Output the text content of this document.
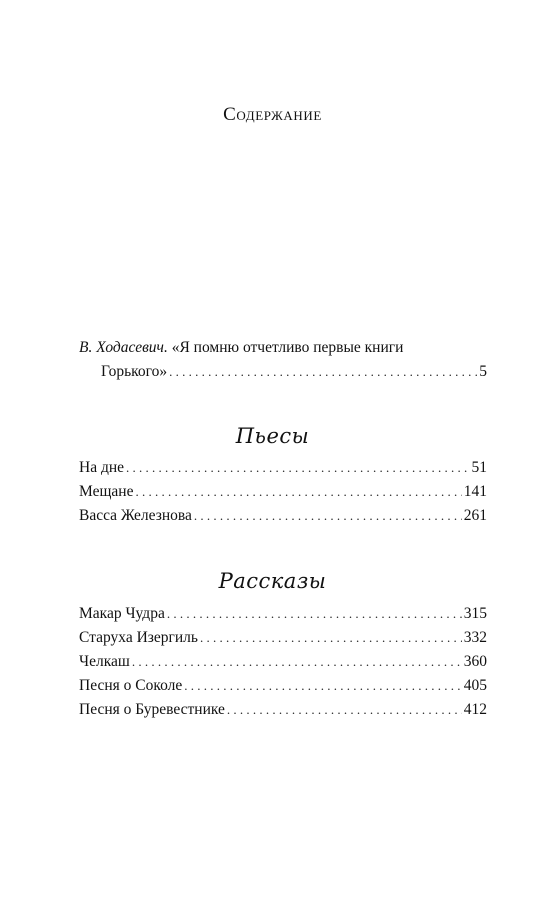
Содержание
В. Ходасевич. «Я помню отчетливо первые книги
Горького» . . .	5
Пьесы
На дне . . .	51
Мещане . . .	141
Васса Железнова . . .	261
Рассказы
Макар Чудра . . .	315
Старуха Изергиль . . .	332
Челкаш . . .	360
Песня о Соколе . . .	405
Песня о Буревестнике . . .	412
